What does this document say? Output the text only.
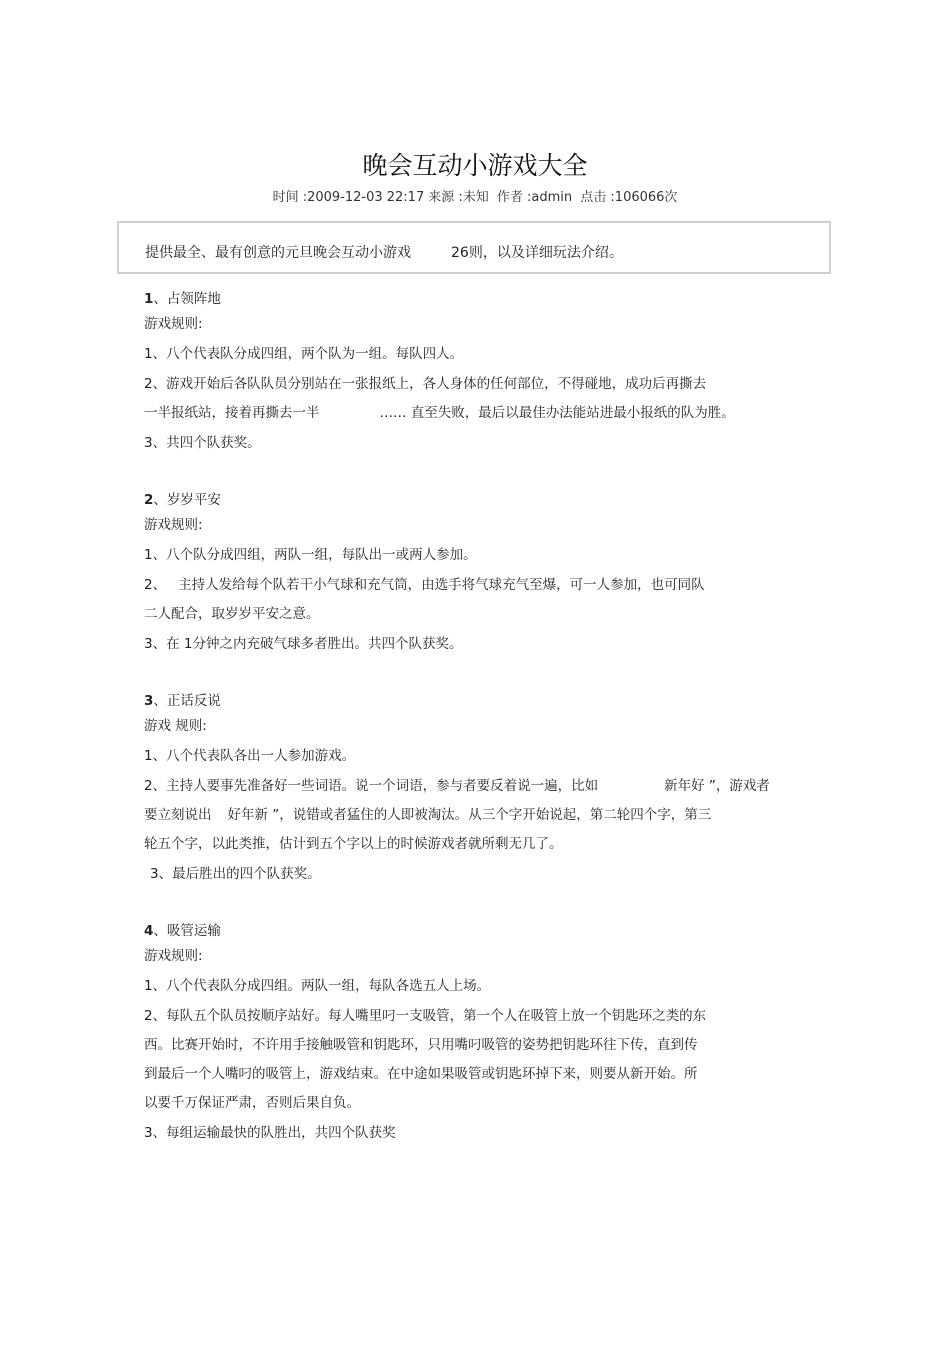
晚会互动小游戏大全
时间 :2009-12-03 22:17 来源 :未知 作者 :admin 点击 :106066次
提供最全、最有创意的元旦晚会互动小游戏	26则，以及详细玩法介绍。
1、占领阵地
游戏规则:
1、八个代表队分成四组，两个队为一组。每队四人。
2、游戏开始后各队队员分别站在一张报纸上，各人身体的任何部位，不得碰地，成功后再撕去
一半报纸站，接着再撕去一半	…… 直至失败，最后以最佳办法能站进最小报纸的队为胜。
3、共四个队获奖。
2、岁岁平安
游戏规则:
1、八个队分成四组，两队一组，每队出一或两人参加。
2、 主持人发给每个队若干小气球和充气筒，由选手将气球充气至爆，可一人参加，也可同队
二人配合，取岁岁平安之意。
3、在 1分钟之内充破气球多者胜出。共四个队获奖。
3、正话反说
游戏 规则:
1、八个代表队各出一人参加游戏。
2、主持人要事先准备好一些词语。说一个词语，参与者要反着说一遍，比如	新年好 ”，游戏者
要立刻说出 好年新 ”，说错或者猛住的人即被淘汰。从三个字开始说起，第二轮四个字，第三
轮五个字，以此类推，估计到五个字以上的时候游戏者就所剩无几了。
3、最后胜出的四个队获奖。
4、吸管运输
游戏规则:
1、八个代表队分成四组。两队一组，每队各选五人上场。
2、每队五个队员按顺序站好。每人嘴里叼一支吸管，第一个人在吸管上放一个钥匙环之类的东
西。比赛开始时，不许用手接触吸管和钥匙环，只用嘴叼吸管的姿势把钥匙环往下传，直到传
到最后一个人嘴叼的吸管上，游戏结束。在中途如果吸管或钥匙环掉下来，则要从新开始。所
以要千万保证严肃，否则后果自负。
3、每组运输最快的队胜出，共四个队获奖
